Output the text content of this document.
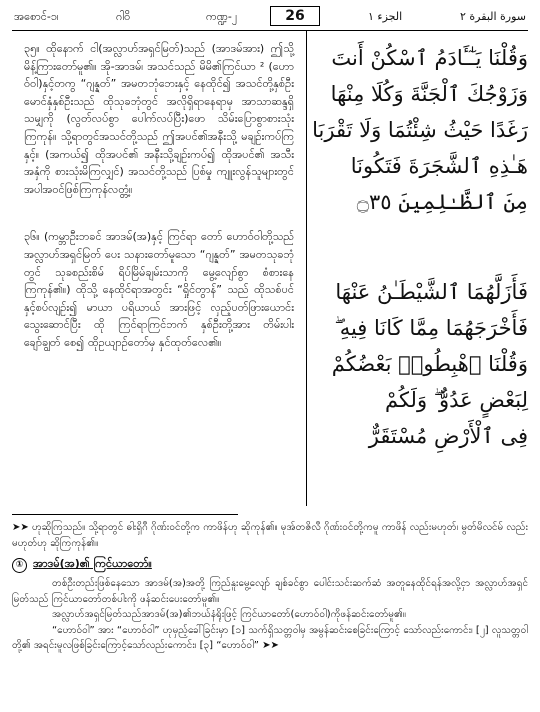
အစောင်-၁၊	ဂါဝိ	ကဏ္ဍ-၂	26	الجزء ١	سورة البقرة ٢

၃၅။ ထိုနောက် ငါ(အလ္လာဟ်အရှင်မြတ်)သည် (အာဒမ်အား) ဤသို့မိန့်ကြားတော်မူ၏။ အို-အာဒမ်၊ အသင်သည် မိမိ၏ကြင်ယာ ² (ဟောဝ်ဝါ)နှင့်တကွ “ဂျန္နတ်” အမတဘုံဘေးနှင့် နေထိုင်၍ အသင်တို့နှစ်ဦး မောင်နှံနှစ်ဦးသည် ထိုသုခဘုံတွင် အလိုရှိရာနေရာမှ အာသာဆန္ဒရှိသမျှကို (လွတ်လပ်စွာ ပေါက်လပ်ပြီး)ဖော သိမ်းပြောစွာစားသုံးကြကုန်။ သို့ရာတွင်အသင်တို့သည် ဤအပင်၏အနီးသို့ မချဉ်းကပ်ကြနှင့်။ (အကယ်၍ ထိုအပင်၏ အနီးသို့ချဉ်းကပ်၍ ထိုအပင်၏ အသီး အနှံကို စားသုံးမိကြလျှင်) အသင်တို့သည် ပြစ်မှု ကျူးလွန်သူများတွင် အပါအဝင်ဖြစ်ကြကုန်လတ္တံ့။

၃၆။ (ကမ္ဘာဦးဘခင် အာဒမ်(အ)နှင့် ကြင်ရာ တော် ဟောဝ်ဝါတို့သည် အလ္လာဟ်အရှင်မြတ် ပေး သနားတော်မူသော “ဂျန္နတ်” အမတသုခဘုံတွင် သုခစည်းစိမ် ရိပ်မြိမ်ချမ်းသာကို မွေ့လျော်စွာ စံစားနေကြကုန်၏။) ထိုသို့ နေထိုင်ရာအတွင်း “ရှိုင်တွာန်” သည် ထိုသစ်ပင်နှင့်စပ်လျဉ်း၍ မာယာ ပရိယာယ် အားဖြင့် လှည့်ပတ်ဖြားယောင်း သွေးဆောင်ပြီး ထို ကြင်ရာကြင်ဘက် နှစ်ဦးတို့အား တိမ်းပါး ချော်ချွတ် စေ၍ ထိုဥယျာဉ်တော်မှ နှင်ထုတ်လေ၏။

وَقُلْنَا يَـٰٓـَٔادَمُ ٱسْكُنْ أَنتَ

وَزَوْجُكَ ٱلْجَنَّةَ وَكُلَا مِنْهَا

رَغَدًا حَيْثُ شِئْتُمَا وَلَا تَقْرَبَا

هَـٰذِهِ ٱلشَّجَرَةَ فَتَكُونَا

مِنَ ٱلظَّـٰلِمِينَ ۝٣٥

فَأَزَلَّهُمَا ٱلشَّيْطَـٰنُ عَنْهَا

فَأَخْرَجَهُمَا مِمَّا كَانَا فِيهِ ۖ

وَقُلْنَا ٱهْبِطُوا۟ بَعْضُكُمْ

لِبَعْضٍ عَدُوٌّ ۖ وَلَكُمْ

فِى ٱلْأَرْضِ مُسْتَقَرٌّ

➤➤ ဟုဆိုကြသည်။ သို့ရာတွင် ဓါးရှိဂီ ဂိုဏ်းဝင်တို့က ကာဖိန်ဟု ဆိုကုန်၏။ မုအ်တဇိလီ ဂိုဏ်းဝင်တို့ကမူ ကာဖိန် လည်းမဟုတ်၊ မွတ်မိလင်မ် လည်းမဟုတ်ဟု ဆိုကြကုန်၏။

① အာဒမ်(အ)၏ ကြင်ယာတော်။

တစ်ဦးတည်းဖြစ်နေသော အာဒမ်(အ)အတို့ ကြည်နူးမွေ့လျော် ချစ်ခင်စွာ ပေါင်းသင်းဆက်ဆံ အတူနေထိုင်ရန်အလို့ငှာ အလ္လာဟ်အရှင်မြတ်သည် ကြင်ယာတော်တစ်ပါးကို ဖန်ဆင်းပေးတော်မူ၏။

အလ္လာဟ်အရှင်မြတ်သည်အာဒမ်(အ)၏ဘယ်နံရိုးဖြင့် ကြင်ယာတော်(ဟောဝ်ဝါ)ကိုဖန်ဆင်းတော်မူ၏။

“ဟောဝ်ဝါ” အား “ဟောဝ်ဝါ” ဟုမှည့်ခေါ်ခြင်းမှာ [၁] သက်ရှိသတ္တဝါမှ အမွန်ဆင်းစေခြင်းကြောင့် သော်လည်းကောင်း၊ [၂] လူသတ္တဝါတို့၏ အရင်းမူလဖြစ်ခြင်းကြောင့်သော်လည်းကောင်း၊ [၃] “ဟောဝ်ဝါ” ➤➤
